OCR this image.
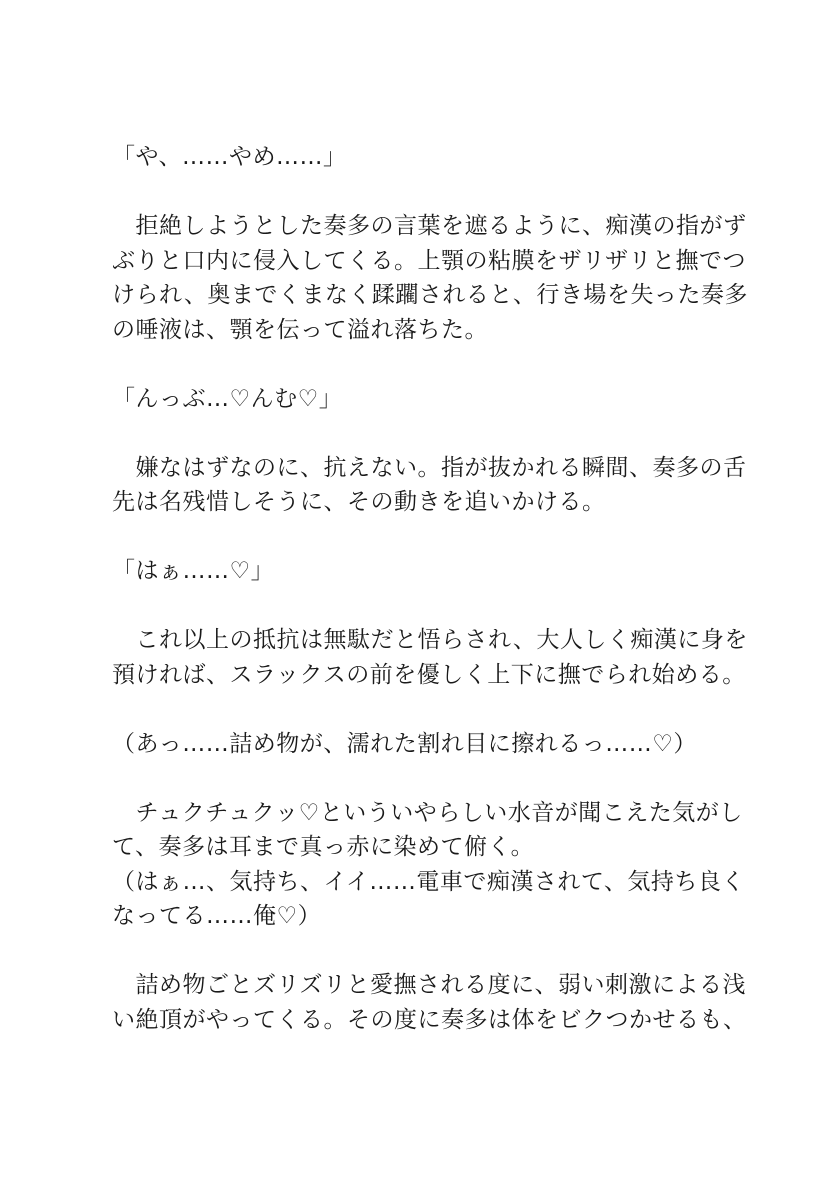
「や、……やめ……」
　拒絶しようとした奏多の言葉を遮るように、痴漢の指がず
ぶりと口内に侵入してくる。上顎の粘膜をザリザリと撫でつ
けられ、奥までくまなく蹂躙されると、行き場を失った奏多
の唾液は、顎を伝って溢れ落ちた。
「んっぶ…♡んむ♡」
　嫌なはずなのに、抗えない。指が抜かれる瞬間、奏多の舌
先は名残惜しそうに、その動きを追いかける。
「はぁ……♡」
　これ以上の抵抗は無駄だと悟らされ、大人しく痴漢に身を
預ければ、スラックスの前を優しく上下に撫でられ始める。
（あっ……詰め物が、濡れた割れ目に擦れるっ……♡）
　チュクチュクッ♡といういやらしい水音が聞こえた気がし
て、奏多は耳まで真っ赤に染めて俯く。
（はぁ…、気持ち、イイ……電車で痴漢されて、気持ち良く
なってる……俺♡）
　詰め物ごとズリズリと愛撫される度に、弱い刺激による浅
い絶頂がやってくる。その度に奏多は体をビクつかせるも、
